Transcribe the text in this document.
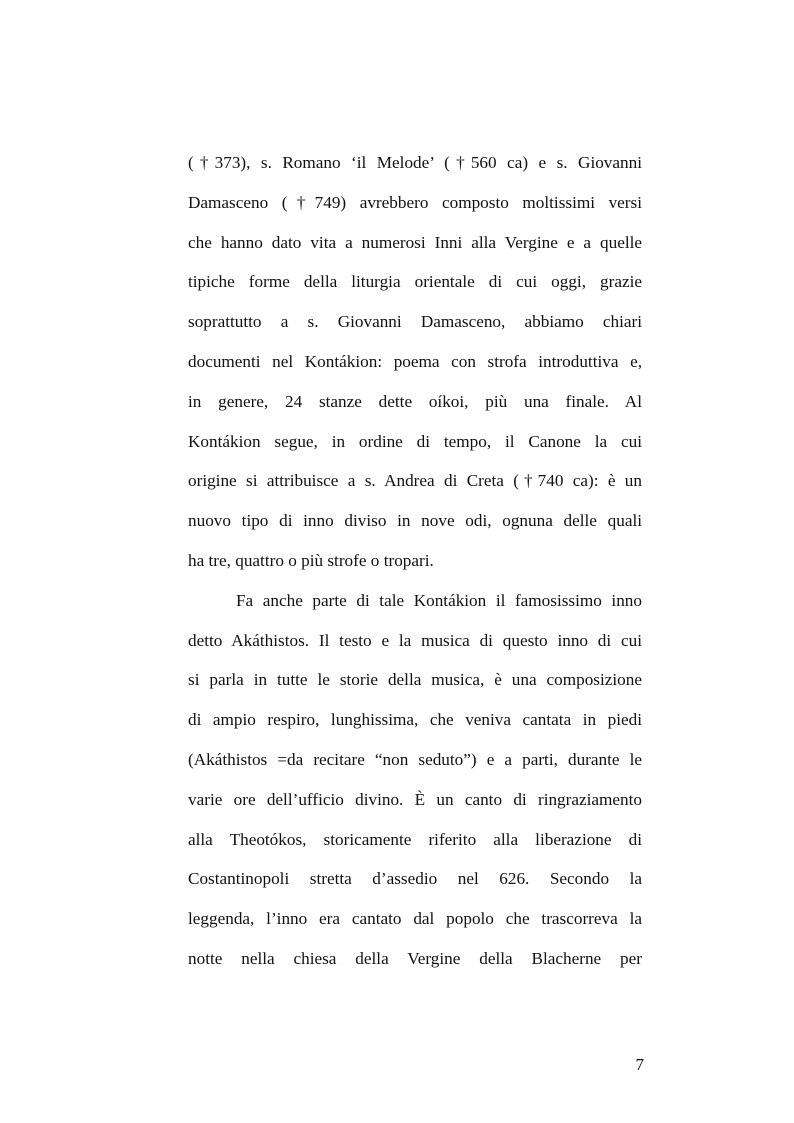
(†373), s. Romano ‘il Melode’ (†560 ca) e s. Giovanni
Damasceno (†749) avrebbero composto moltissimi versi
che hanno dato vita a numerosi Inni alla Vergine e a quelle
tipiche forme della liturgia orientale di cui oggi, grazie
soprattutto a s. Giovanni Damasceno, abbiamo chiari
documenti nel Kontákion: poema con strofa introduttiva e,
in genere, 24 stanze dette oíkoi, più una finale. Al
Kontákion segue, in ordine di tempo, il Canone la cui
origine si attribuisce a s. Andrea di Creta (†740 ca): è un
nuovo tipo di inno diviso in nove odi, ognuna delle quali
ha tre, quattro o più strofe o tropari.
Fa anche parte di tale Kontákion il famosissimo inno
detto Akáthistos. Il testo e la musica di questo inno di cui
si parla in tutte le storie della musica, è una composizione
di ampio respiro, lunghissima, che veniva cantata in piedi
(Akáthistos =da recitare “non seduto”) e a parti, durante le
varie ore dell’ufficio divino. È un canto di ringraziamento
alla Theotókos, storicamente riferito alla liberazione di
Costantinopoli stretta d’assedio nel 626. Secondo la
leggenda, l’inno era cantato dal popolo che trascorreva la
notte nella chiesa della Vergine della Blacherne per
7
